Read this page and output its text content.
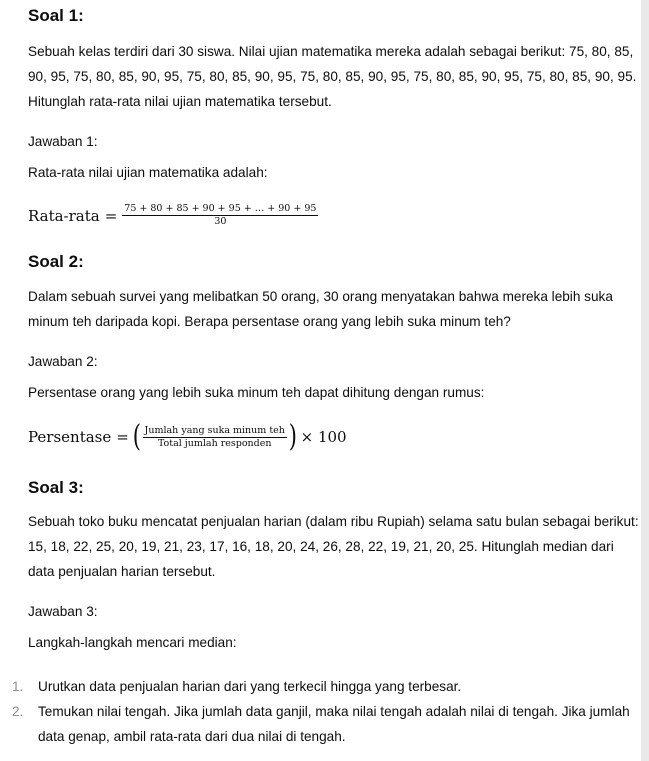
Soal 1:

Sebuah kelas terdiri dari 30 siswa. Nilai ujian matematika mereka adalah sebagai berikut: 75, 80, 85, 90, 95, 75, 80, 85, 90, 95, 75, 80, 85, 90, 95, 75, 80, 85, 90, 95, 75, 80, 85, 90, 95, 75, 80, 85, 90, 95. Hitunglah rata-rata nilai ujian matematika tersebut.

Jawaban 1:

Rata-rata nilai ujian matematika adalah:

Rata-rata = $\frac{75 + 80 + 85 + 90 + 95 + \dots + 90 + 95}{30}$
Soal 2:

Dalam sebuah survei yang melibatkan 50 orang, 30 orang menyatakan bahwa mereka lebih suka minum teh daripada kopi. Berapa persentase orang yang lebih suka minum teh?

Jawaban 2:

Persentase orang yang lebih suka minum teh dapat dihitung dengan rumus:

Persentase = ( $\frac{\text{Jumlah yang suka minum teh}}{\text{Total jumlah responden}}$ ) × 100
Soal 3:

Sebuah toko buku mencatat penjualan harian (dalam ribu Rupiah) selama satu bulan sebagai berikut: 15, 18, 22, 25, 20, 19, 21, 23, 17, 16, 18, 20, 24, 26, 28, 22, 19, 21, 20, 25. Hitunglah median dari data penjualan harian tersebut.

Jawaban 3:

Langkah-langkah mencari median:

1. Urutkan data penjualan harian dari yang terkecil hingga yang terbesar.
2. Temukan nilai tengah. Jika jumlah data ganjil, maka nilai tengah adalah nilai di tengah. Jika jumlah data genap, ambil rata-rata dari dua nilai di tengah.
